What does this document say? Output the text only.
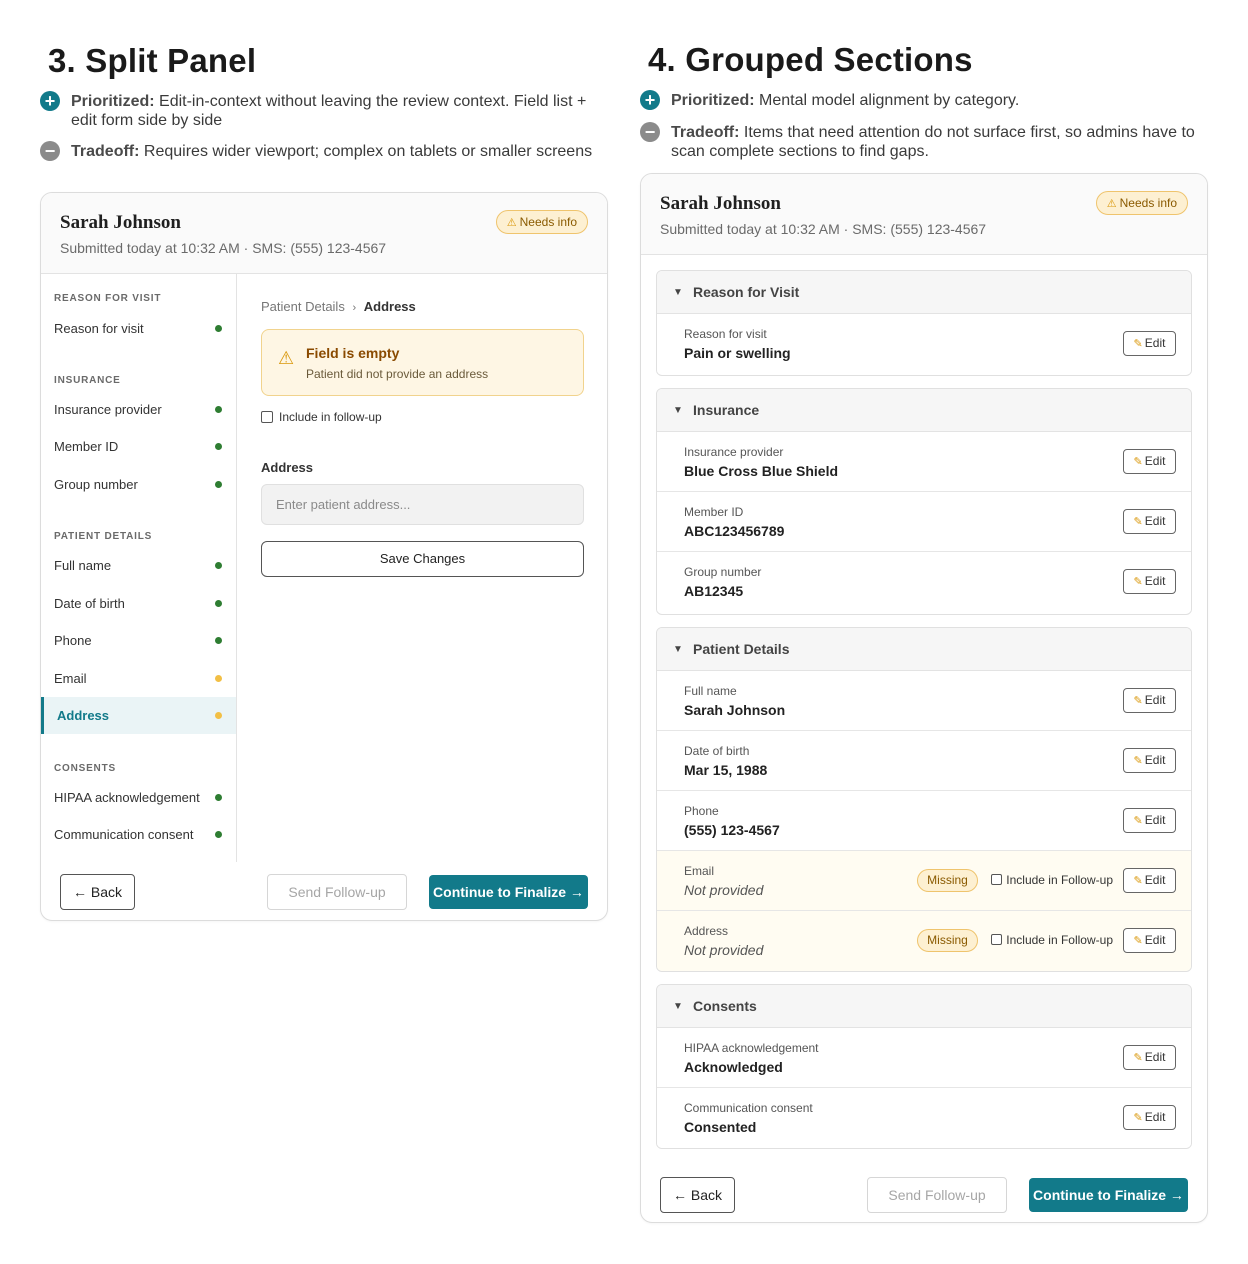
3. Split Panel
+ Prioritized: Edit-in-context without leaving the review context. Field list + edit form side by side
− Tradeoff: Requires wider viewport; complex on tablets or smaller screens
Sarah Johnson
Submitted today at 10:32 AM · SMS: (555) 123-4567
⚠ Needs info
REASON FOR VISIT
Reason for visit
INSURANCE
Insurance provider
Member ID
Group number
PATIENT DETAILS
Full name
Date of birth
Phone
Email
Address
CONSENTS
HIPAA acknowledgement
Communication consent
Patient Details › Address
⚠ Field is empty
Patient did not provide an address
Include in follow-up
Address
Enter patient address...
Save Changes
← Back	Send Follow-up	Continue to Finalize →
4. Grouped Sections
+ Prioritized: Mental model alignment by category.
− Tradeoff: Items that need attention do not surface first, so admins have to scan complete sections to find gaps.
Sarah Johnson
Submitted today at 10:32 AM · SMS: (555) 123-4567
⚠ Needs info
▼ Reason for Visit
Reason for visit
Pain or swelling
✎ Edit
▼ Insurance
Insurance provider
Blue Cross Blue Shield
✎ Edit
Member ID
ABC123456789
✎ Edit
Group number
AB12345
✎ Edit
▼ Patient Details
Full name
Sarah Johnson
✎ Edit
Date of birth
Mar 15, 1988
✎ Edit
Phone
(555) 123-4567
✎ Edit
Email
Not provided
Missing	Include in Follow-up	✎ Edit
Address
Not provided
Missing	Include in Follow-up	✎ Edit
▼ Consents
HIPAA acknowledgement
Acknowledged
✎ Edit
Communication consent
Consented
✎ Edit
← Back	Send Follow-up	Continue to Finalize →
